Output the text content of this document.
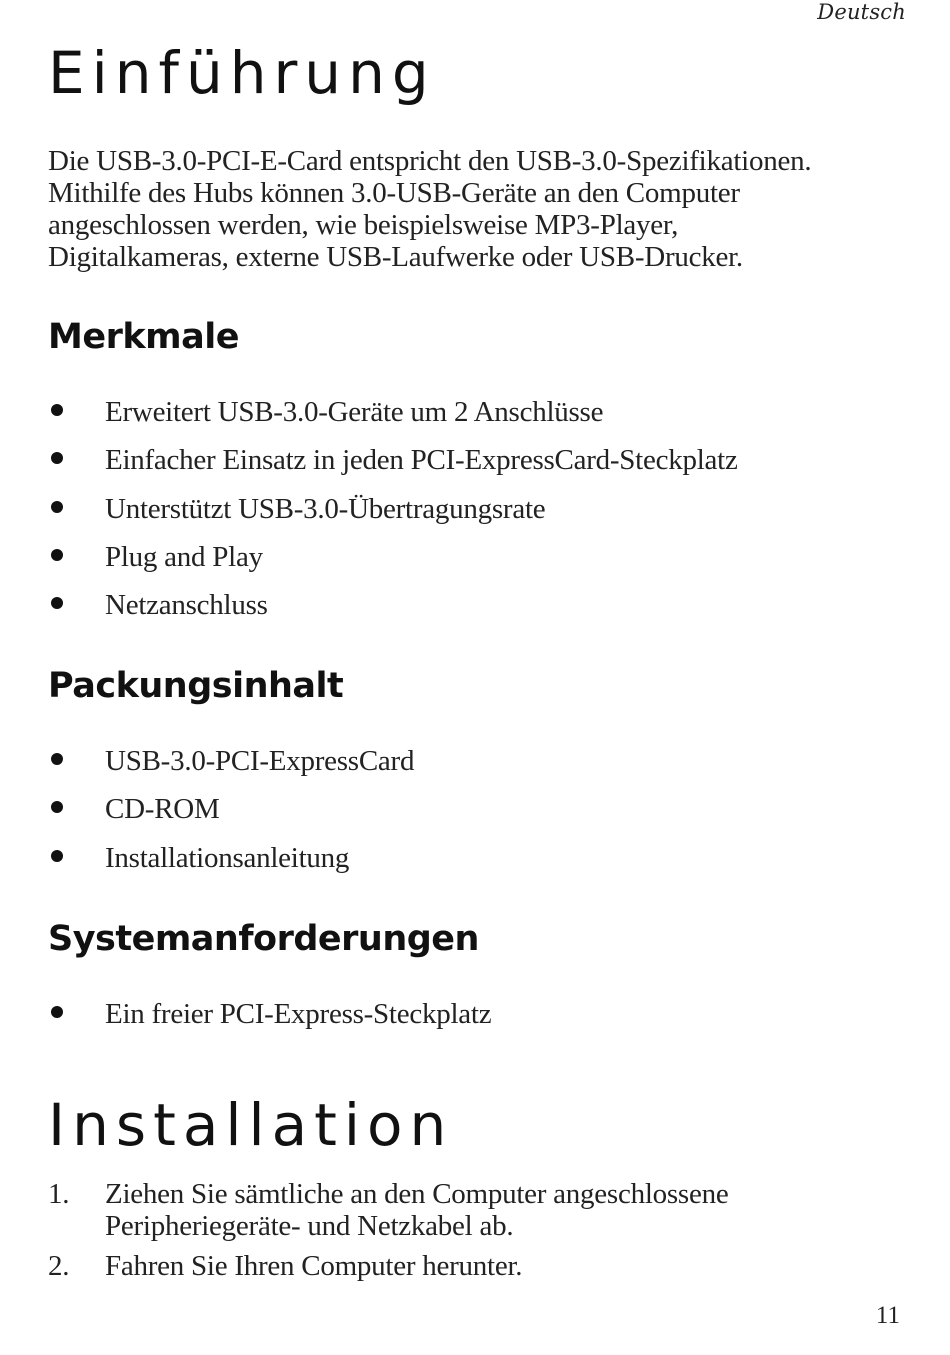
Deutsch
Einführung
Die USB-3.0-PCI-E-Card entspricht den USB-3.0-Spezifikationen.
Mithilfe des Hubs können 3.0-USB-Geräte an den Computer
angeschlossen werden, wie beispielsweise MP3-Player,
Digitalkameras, externe USB-Laufwerke oder USB-Drucker.
Merkmale
Erweitert USB-3.0-Geräte um 2 Anschlüsse
Einfacher Einsatz in jeden PCI-ExpressCard-Steckplatz
Unterstützt USB-3.0-Übertragungsrate
Plug and Play
Netzanschluss
Packungsinhalt
USB-3.0-PCI-ExpressCard
CD-ROM
Installationsanleitung
Systemanforderungen
Ein freier PCI-Express-Steckplatz
Installation
1. Ziehen Sie sämtliche an den Computer angeschlossene
Peripheriegeräte- und Netzkabel ab.
2. Fahren Sie Ihren Computer herunter.
11
